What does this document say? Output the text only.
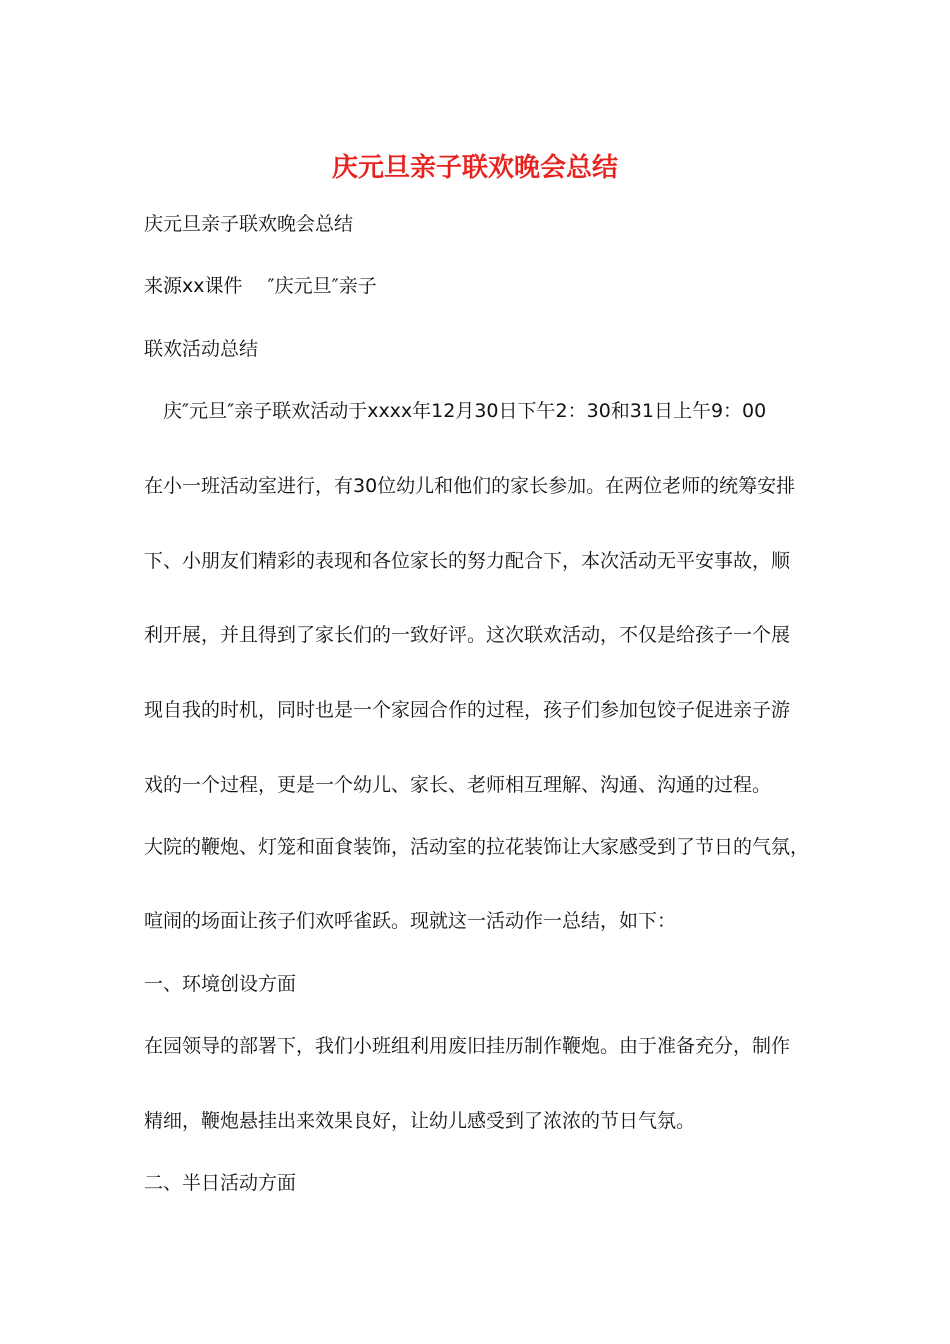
庆元旦亲子联欢晚会总结

庆元旦亲子联欢晚会总结

来源xx课件　 ″庆元旦″亲子

联欢活动总结

　庆″元旦″亲子联欢活动于xxxx年12月30日下午2：30和31日上午9：00

在小一班活动室进行，有30位幼儿和他们的家长参加。在两位老师的统筹安排

下、小朋友们精彩的表现和各位家长的努力配合下，本次活动无平安事故，顺

利开展，并且得到了家长们的一致好评。这次联欢活动，不仅是给孩子一个展

现自我的时机，同时也是一个家园合作的过程，孩子们参加包饺子促进亲子游

戏的一个过程，更是一个幼儿、家长、老师相互理解、沟通、沟通的过程。

大院的鞭炮、灯笼和面食装饰，活动室的拉花装饰让大家感受到了节日的气氛，

喧闹的场面让孩子们欢呼雀跃。现就这一活动作一总结，如下：

一、环境创设方面

在园领导的部署下，我们小班组利用废旧挂历制作鞭炮。由于准备充分，制作

精细，鞭炮悬挂出来效果良好，让幼儿感受到了浓浓的节日气氛。

二、半日活动方面
